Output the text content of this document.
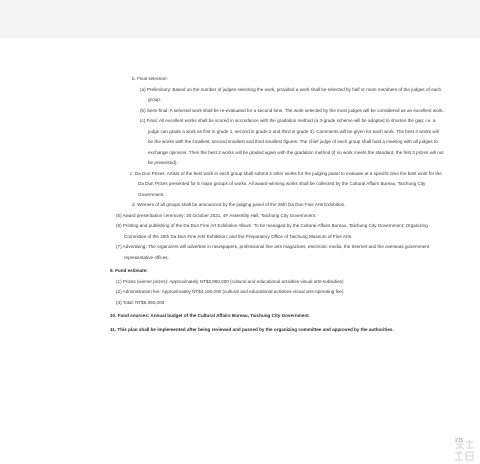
b. Final selection:

(a) Preliminary: Based on the number of judges selecting the work, provided a work shall be selected by half or more members of the judges of each group.

(b) Semi-final: A selected work shall be re-evaluated for a second time. The work selected by the most judges will be considered as an excellent work.

(c) Final: All excellent works shall be scored in accordance with the gradation method (a 3-grade scheme will be adopted to shorten the gap; i.e. a judge can grade a work as first in grade 1, second in grade 2 and third in grade 3). Comments will be given for each work. The best 3 works will be the works with the smallest, second smallest and third smallest figures. The chief judge of each group shall hold a meeting with all judges to exchange opinions. Then the best 3 works will be graded again with the gradation method (if no work meets the standard, the first 3 prizes will not be presented).

c. Da Dun Prizes: Artists of the best work in each group shall submit 3 other works for the judging panel to evaluate at a specific time the best work for the Da Dun Prizes presented for 5 major groups of works. All award-winning works shall be collected by the Cultural Affairs Bureau, Taichung City Government.

d. Winners of all groups shall be announced by the judging panel of the 26th Da Dun Fine Arts Exhibition.

(5) Award presentation ceremony: 30 October 2021, 4F Assembly Hall, Taichung City Government.

(6) Printing and publishing of the Da Dun Fine Art Exhibition Album: To be managed by the Cultural Affairs Bureau, Taichung City Government; Organizing Committee of the 26th Da Dun Fine Arts Exhibition; and the Preparatory Office of Taichung Museum of Fine Arts.

(7) Advertising: The organizers will advertise in newspapers, professional fine arts magazines, electronic media, the Internet and the overseas government representative offices.

9. Fund estimate:

(1) Prizes (winner prizes): Approximately NT$3,860,000 (cultural and educational activities-visual arts-subsidies)

(2) Administration fee: Approximately NT$4,190,000 (cultural and educational activities-visual arts-operating fee)

(3) Total: NT$8,050,000

10. Fund sources: Annual budget of the Cultural Affairs Bureau, Taichung City Government.

11. This plan shall be implemented after being reviewed and passed by the organizing committee and approved by the authorities.

275
